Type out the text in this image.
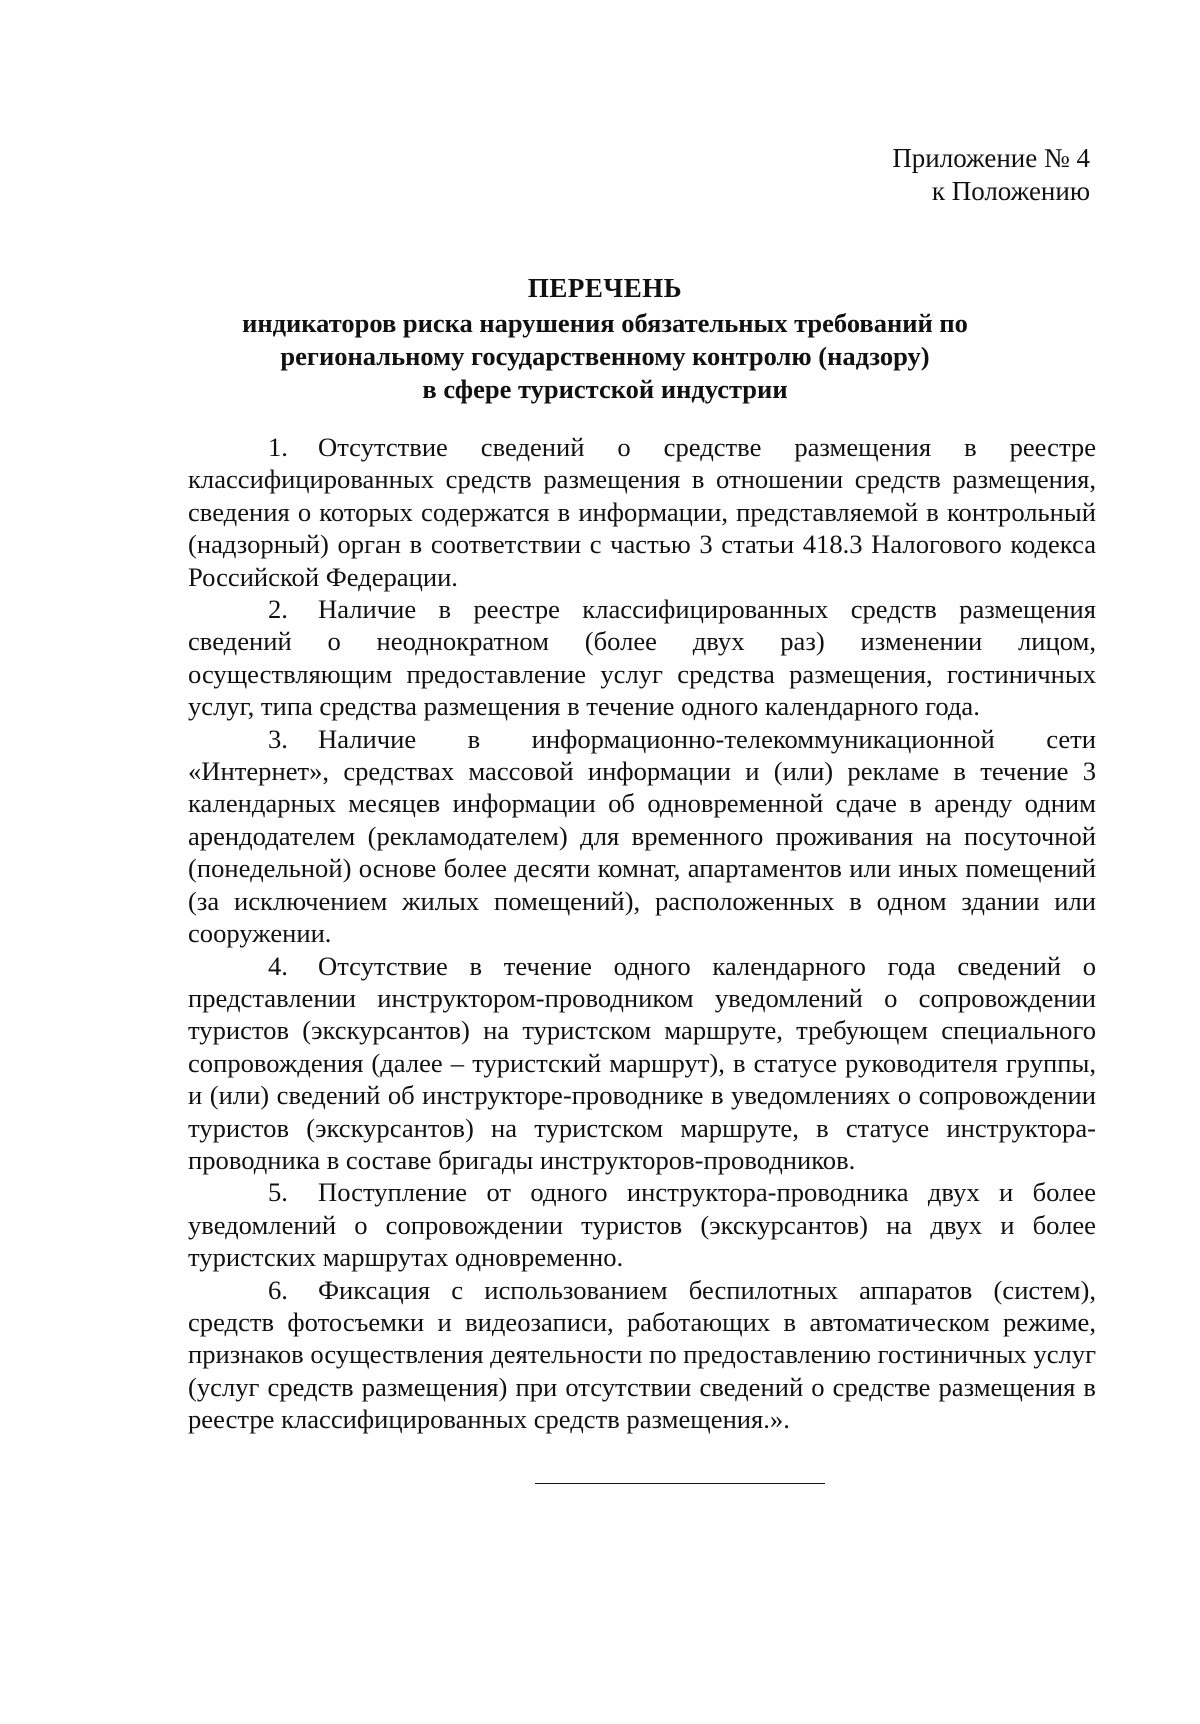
Приложение № 4
к Положению
ПЕРЕЧЕНЬ
индикаторов риска нарушения обязательных требований по
региональному государственному контролю (надзору)
в сфере туристской индустрии

1. Отсутствие сведений о средстве размещения в реестре классифицированных средств размещения в отношении средств размещения, сведения о которых содержатся в информации, представляемой в контрольный (надзорный) орган в соответствии с частью 3 статьи 418.3 Налогового кодекса Российской Федерации.

2. Наличие в реестре классифицированных средств размещения сведений о неоднократном (более двух раз) изменении лицом, осуществляющим предоставление услуг средства размещения, гостиничных услуг, типа средства размещения в течение одного календарного года.

3. Наличие в информационно-телекоммуникационной сети «Интернет», средствах массовой информации и (или) рекламе в течение 3 календарных месяцев информации об одновременной сдаче в аренду одним арендодателем (рекламодателем) для временного проживания на посуточной (понедельной) основе более десяти комнат, апартаментов или иных помещений (за исключением жилых помещений), расположенных в одном здании или сооружении.

4. Отсутствие в течение одного календарного года сведений о представлении инструктором-проводником уведомлений о сопровождении туристов (экскурсантов) на туристском маршруте, требующем специального сопровождения (далее – туристский маршрут), в статусе руководителя группы, и (или) сведений об инструкторе-проводнике в уведомлениях о сопровождении туристов (экскурсантов) на туристском маршруте, в статусе инструктора-проводника в составе бригады инструкторов-проводников.

5. Поступление от одного инструктора-проводника двух и более уведомлений о сопровождении туристов (экскурсантов) на двух и более туристских маршрутах одновременно.

6. Фиксация с использованием беспилотных аппаратов (систем), средств фотосъемки и видеозаписи, работающих в автоматическом режиме, признаков осуществления деятельности по предоставлению гостиничных услуг (услуг средств размещения) при отсутствии сведений о средстве размещения в реестре классифицированных средств размещения.».
